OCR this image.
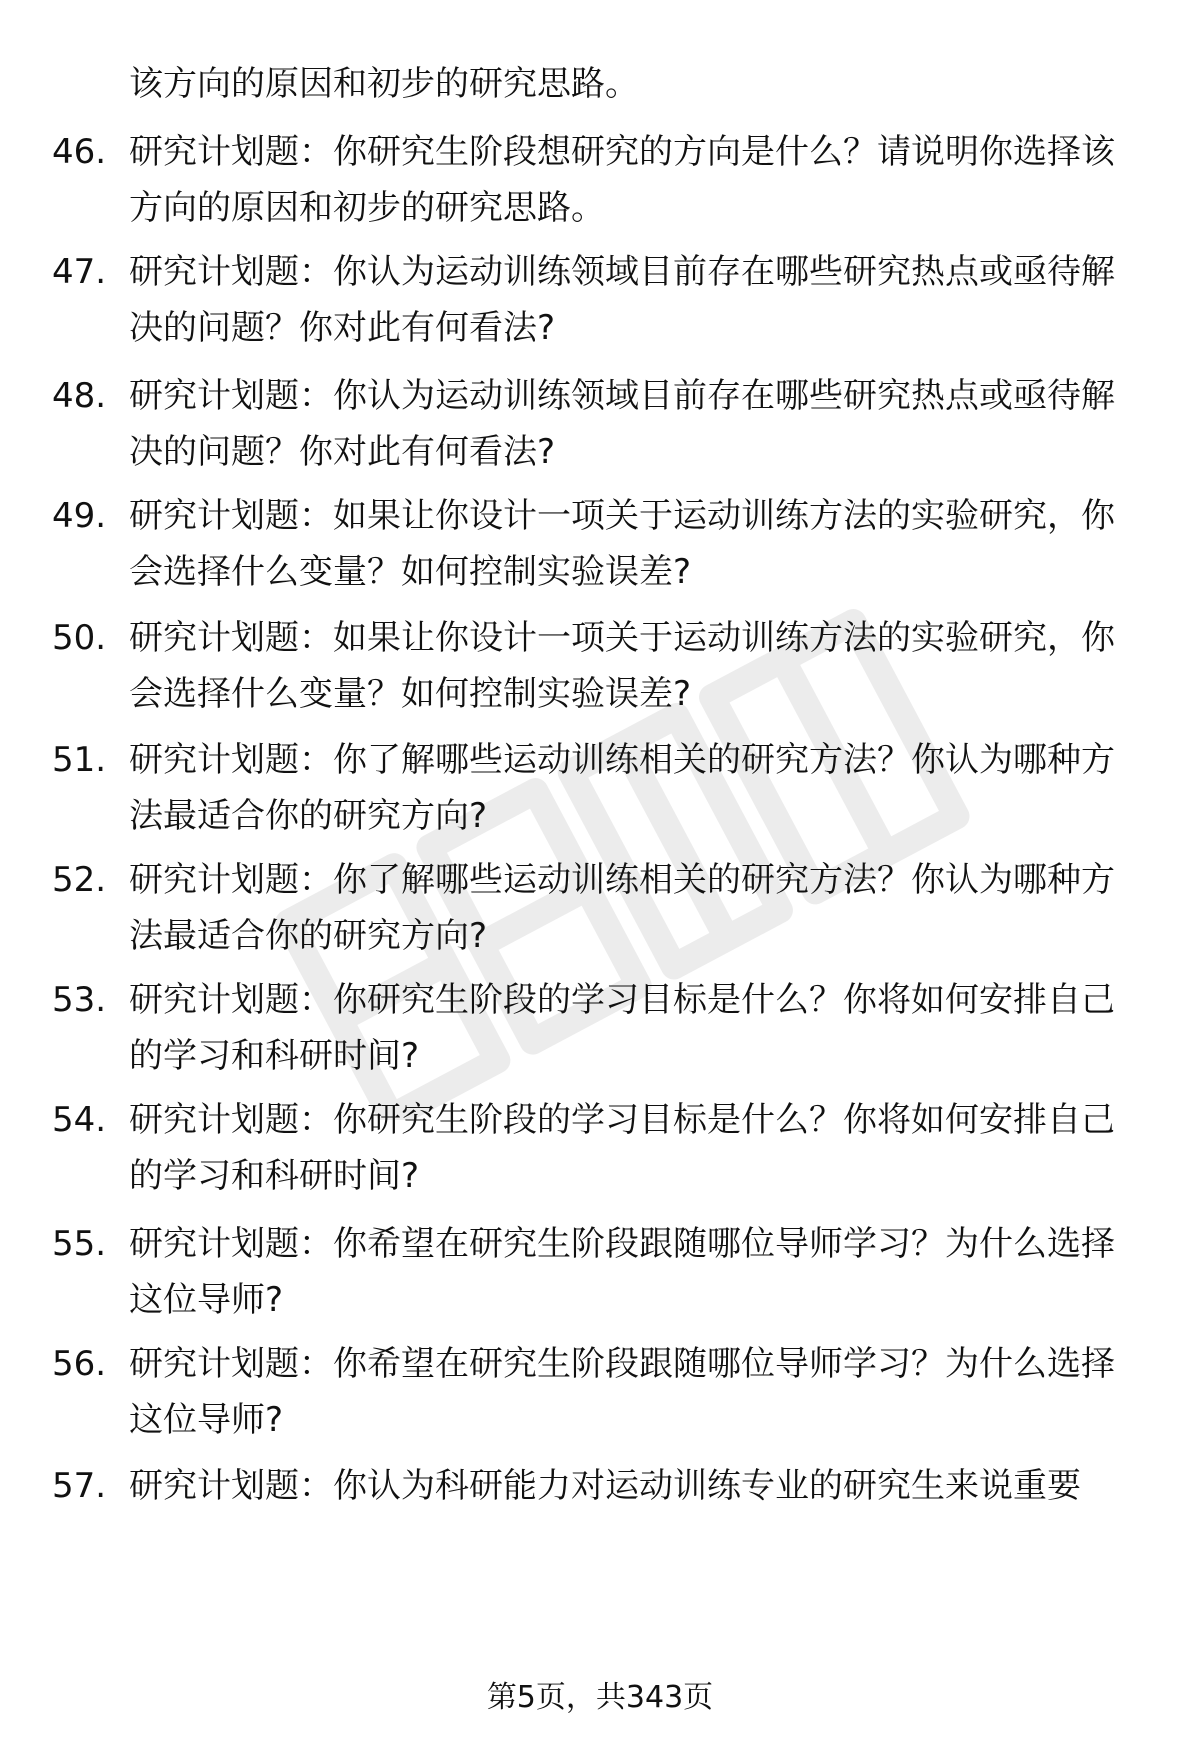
该方向的原因和初步的研究思路。
46. 研究计划题：你研究生阶段想研究的方向是什么？请说明你选择该方向的原因和初步的研究思路。
47. 研究计划题：你认为运动训练领域目前存在哪些研究热点或亟待解决的问题？你对此有何看法?
48. 研究计划题：你认为运动训练领域目前存在哪些研究热点或亟待解决的问题？你对此有何看法?
49. 研究计划题：如果让你设计一项关于运动训练方法的实验研究，你会选择什么变量？如何控制实验误差?
50. 研究计划题：如果让你设计一项关于运动训练方法的实验研究，你会选择什么变量？如何控制实验误差?
51. 研究计划题：你了解哪些运动训练相关的研究方法？你认为哪种方法最适合你的研究方向?
52. 研究计划题：你了解哪些运动训练相关的研究方法？你认为哪种方法最适合你的研究方向?
53. 研究计划题：你研究生阶段的学习目标是什么？你将如何安排自己的学习和科研时间?
54. 研究计划题：你研究生阶段的学习目标是什么？你将如何安排自己的学习和科研时间?
55. 研究计划题：你希望在研究生阶段跟随哪位导师学习？为什么选择这位导师?
56. 研究计划题：你希望在研究生阶段跟随哪位导师学习？为什么选择这位导师?
57. 研究计划题：你认为科研能力对运动训练专业的研究生来说重要
第5页，共343页
